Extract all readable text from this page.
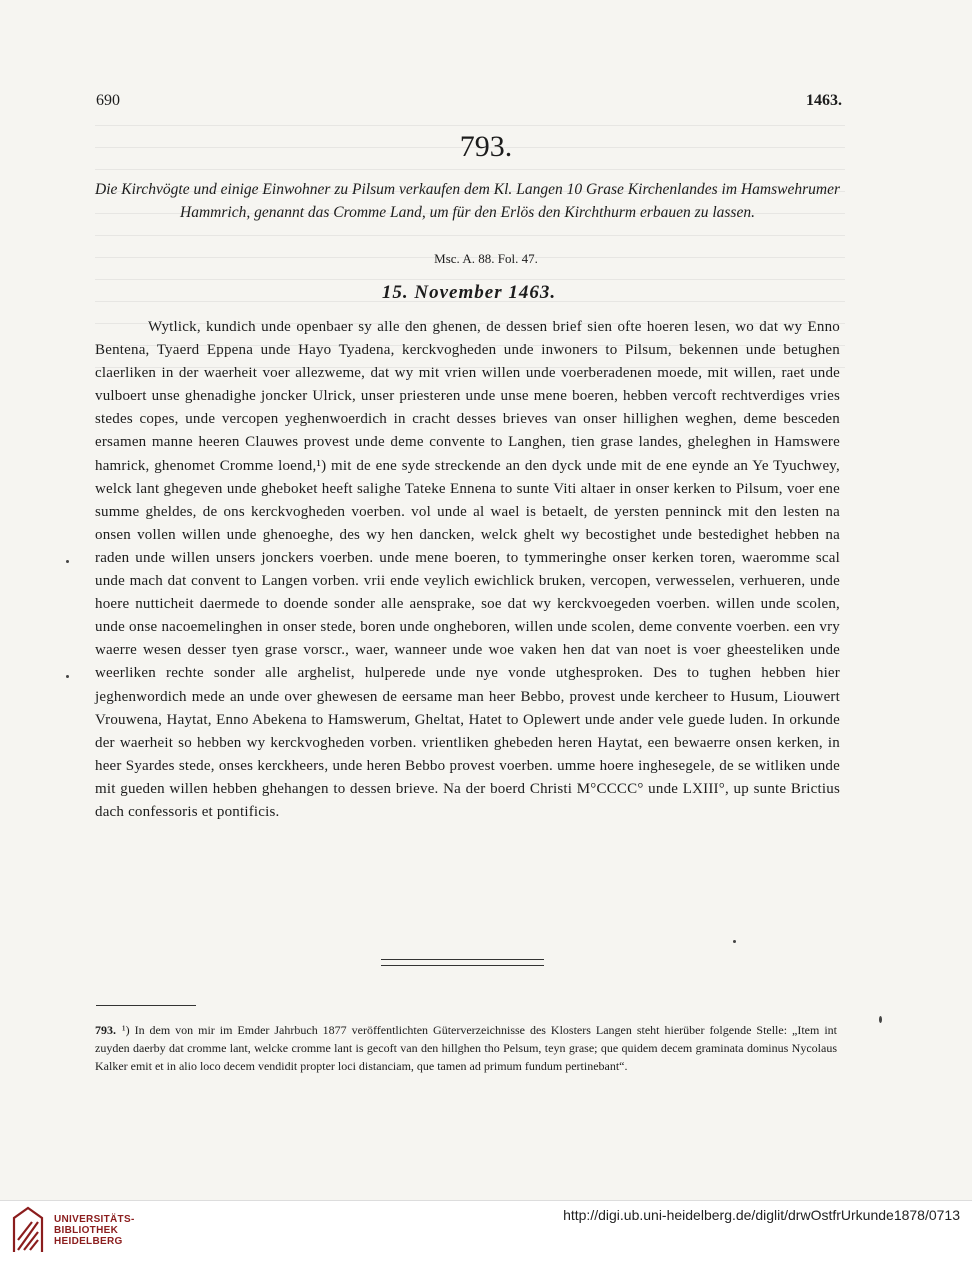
690	1463.
793.
Die Kirchvögte und einige Einwohner zu Pilsum verkaufen dem Kl. Langen 10 Grase Kirchenlandes im Hamswehrumer Hammrich, genannt das Cromme Land, um für den Erlös den Kirchthurm erbauen zu lassen.
Msc. A. 88. Fol. 47.
15. November 1463.
Wytlick, kundich unde openbaer sy alle den ghenen, de dessen brief sien ofte hoeren lesen, wo dat wy Enno Bentena, Tyaerd Eppena unde Hayo Tyadena, kerckvogheden unde inwoners to Pilsum, bekennen unde betughen claerliken in der waerheit voer allezweme, dat wy mit vrien willen unde voerberadenen moede, mit willen, raet unde vulboert unse ghenadighe joncker Ulrick, unser priesteren unde unse mene boeren, hebben vercoft rechtverdiges vries stedes copes, unde vercopen yeghenwoerdich in cracht desses brieves van onser hillighen weghen, deme besceden ersamen manne heeren Clauwes provest unde deme convente to Langhen, tien grase landes, gheleghen in Hamswere hamrick, ghenomet Cromme loend,¹) mit de ene syde streckende an den dyck unde mit de ene eynde an Ye Tyuchwey, welck lant ghegeven unde gheboket heeft salighe Tateke Ennena to sunte Viti altaer in onser kerken to Pilsum, voer ene summe gheldes, de ons kerckvogheden voerben. vol unde al wael is betaelt, de yersten penninck mit den lesten na onsen vollen willen unde ghenoeghe, des wy hen dancken, welck ghelt wy becostighet unde bestedighet hebben na raden unde willen unsers jonckers voerben. unde mene boeren, to tymmeringhe onser kerken toren, waeromme scal unde mach dat convent to Langen vorben. vrii ende veylich ewichlick bruken, vercopen, verwesselen, verhueren, unde hoere nutticheit daermede to doende sonder alle aensprake, soe dat wy kerckvoegeden voerben. willen unde scolen, unde onse nacoemelinghen in onser stede, boren unde ongheboren, willen unde scolen, deme convente voerben. een vry waerre wesen desser tyen grase vorscr., waer, wanneer unde woe vaken hen dat van noet is voer gheesteliken unde weerliken rechte sonder alle arghelist, hulperede unde nye vonde utghesproken. Des to tughen hebben hier jeghenwordich mede an unde over ghewesen de eersame man heer Bebbo, provest unde kercheer to Husum, Liouwert Vrouwena, Haytat, Enno Abekena to Hamswerum, Gheltat, Hatet to Oplewert unde ander vele guede luden. In orkunde der waerheit so hebben wy kerckvogheden vorben. vrientliken ghebeden heren Haytat, een bewaerre onsen kerken, in heer Syardes stede, onses kerckheers, unde heren Bebbo provest voerben. umme hoere inghesegele, de se witliken unde mit gueden willen hebben ghehangen to dessen brieve. Na der boerd Christi M°CCCC° unde LXIII°, up sunte Brictius dach confessoris et pontificis.
793. ¹) In dem von mir im Emder Jahrbuch 1877 veröffentlichten Güterverzeichnisse des Klosters Langen steht hierüber folgende Stelle: „Item int zuyden daerby dat cromme lant, welcke cromme lant is gecoft van den hillghen tho Pelsum, teyn grase; que quidem decem graminata dominus Nycolaus Kalker emit et in alio loco decem vendidit propter loci distanciam, que tamen ad primum fundum pertinebant“.
UNIVERSITÄTS-
BIBLIOTHEK
HEIDELBERG
http://digi.ub.uni-heidelberg.de/diglit/drwOstfrUrkunde1878/0713
